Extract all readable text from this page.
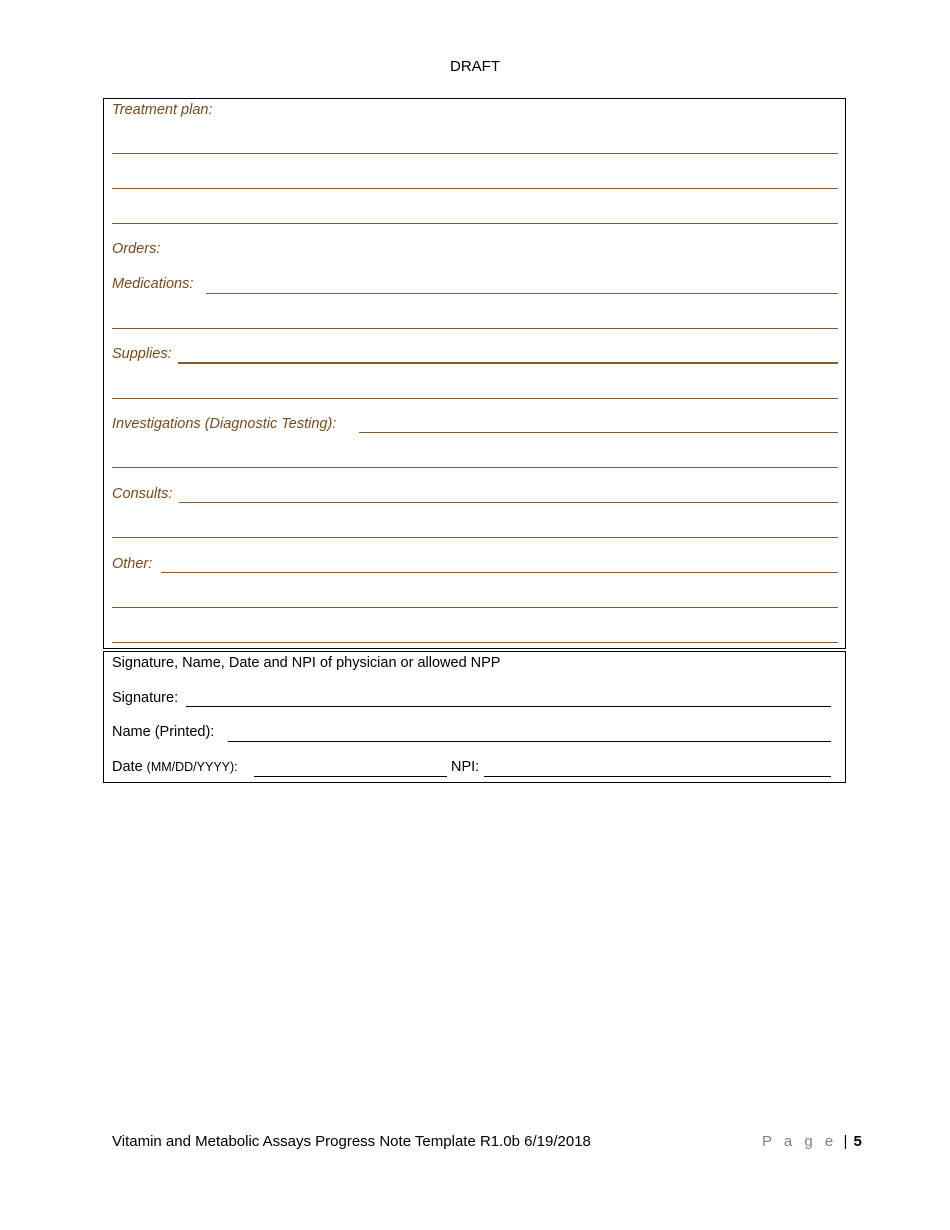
DRAFT
Treatment plan:
Orders:
Medications:
Supplies:
Investigations (Diagnostic Testing):
Consults:
Other:
Signature, Name, Date and NPI of physician or allowed NPP
Signature:
Name (Printed):
Date (MM/DD/YYYY):	NPI:
Vitamin and Metabolic Assays Progress Note Template R1.0b 6/19/2018	P a g e | 5
